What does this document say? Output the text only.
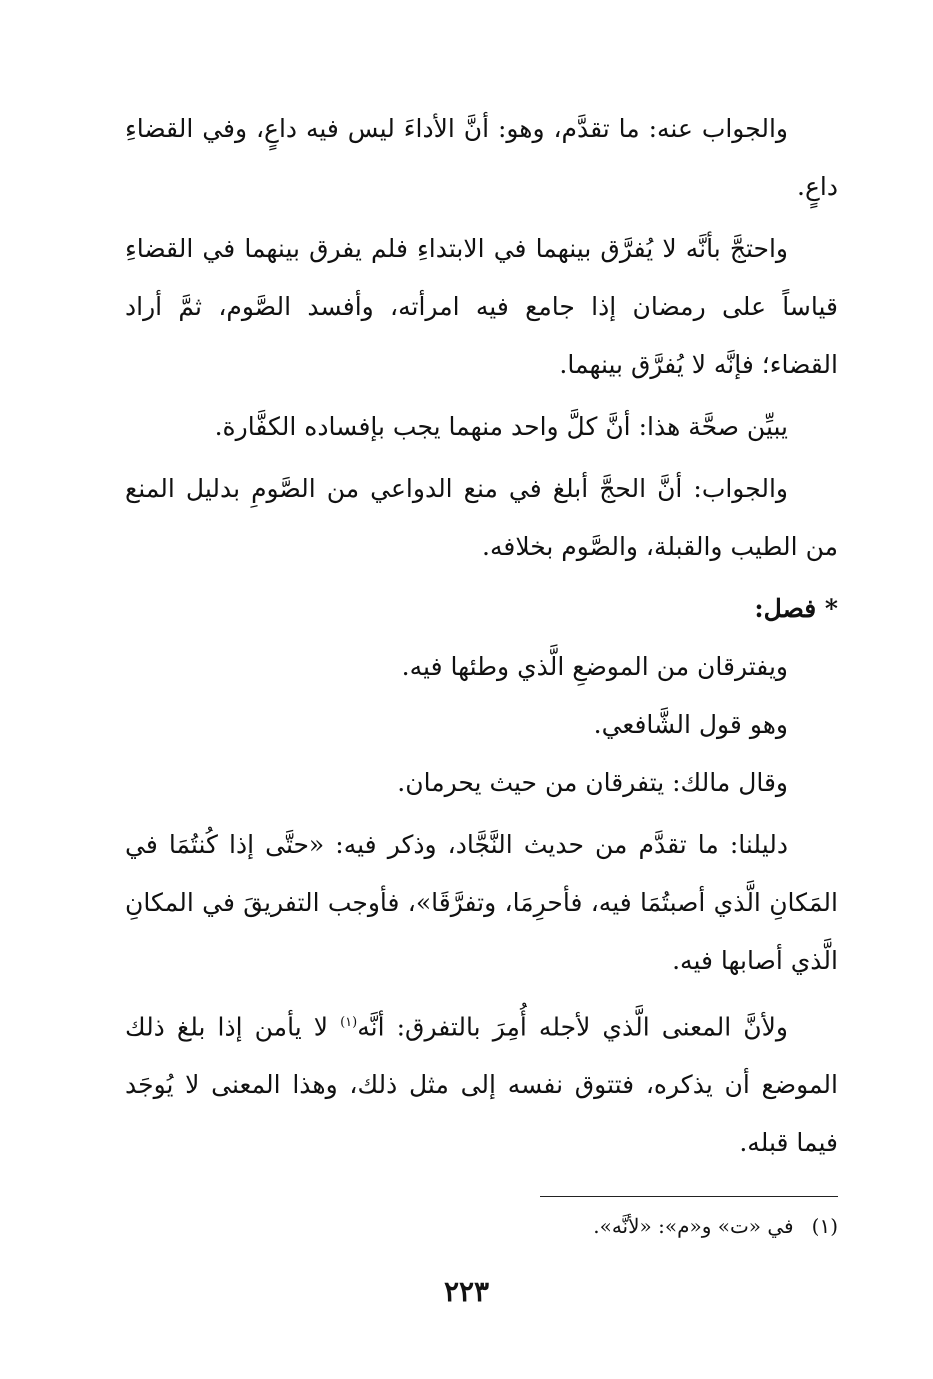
والجواب عنه: ما تقدَّم، وهو: أنَّ الأداءَ ليس فيه داعٍ، وفي القضاءِ داعٍ.

واحتجَّ بأنَّه لا يُفرَّق بينهما في الابتداءِ فلم يفرق بينهما في القضاءِ قياساً على رمضان إذا جامع فيه امرأته، وأفسد الصَّوم، ثمَّ أراد القضاء؛ فإنَّه لا يُفرَّق بينهما.

يبيِّن صحَّة هذا: أنَّ كلَّ واحد منهما يجب بإفساده الكفَّارة.

والجواب: أنَّ الحجَّ أبلغ في منع الدواعي من الصَّومِ بدليل المنع من الطيب والقبلة، والصَّوم بخلافه.

* فصل:

ويفترقان من الموضعِ الَّذي وطئها فيه.

وهو قول الشَّافعي.

وقال مالك: يتفرقان من حيث يحرمان.

دليلنا: ما تقدَّم من حديث النَّجَّاد، وذكر فيه: «حتَّى إذا كُنتُمَا في المَكانِ الَّذي أصبتُمَا فيه، فأحرِمَا، وتفرَّقَا»، فأوجب التفريقَ في المكانِ الَّذي أصابها فيه.

ولأنَّ المعنى الَّذي لأجله أُمِرَ بالتفرق: أنَّه$^{(١)}$ لا يأمن إذا بلغ ذلك الموضع أن يذكره، فتتوق نفسه إلى مثل ذلك، وهذا المعنى لا يُوجَد فيما قبله.

(١)في «ت» و«م»: «لأنَّه».
٢٢٣
